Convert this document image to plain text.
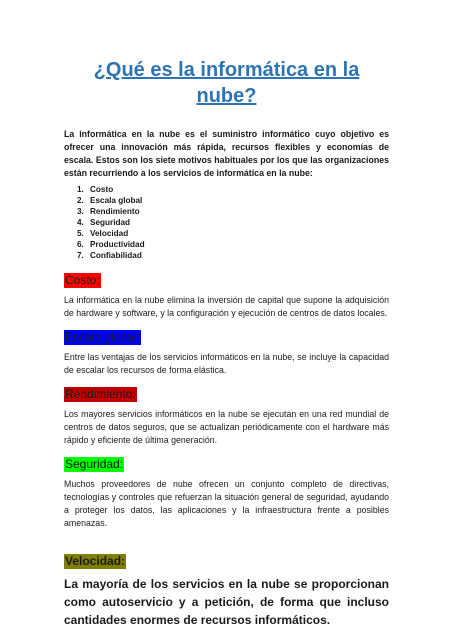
¿Qué es la informática en la nube?

La informática en la nube es el suministro informático cuyo objetivo es ofrecer una innovación más rápida, recursos flexibles y economías de escala. Estos son los siete motivos habituales por los que las organizaciones están recurriendo a los servicios de informática en la nube:

1. Costo
2. Escala global
3. Rendimiento
4. Seguridad
5. Velocidad
6. Productividad
7. Confiabilidad
Costo:

La informática en la nube elimina la inversión de capital que supone la adquisición de hardware y software, y la configuración y ejecución de centros de datos locales.

Escala global:

Entre las ventajas de los servicios informáticos en la nube, se incluye la capacidad de escalar los recursos de forma elástica.

Rendimiento:

Los mayores servicios informáticos en la nube se ejecutan en una red mundial de centros de datos seguros, que se actualizan periódicamente con el hardware más rápido y eficiente de última generación.

Seguridad:

Muchos proveedores de nube ofrecen un conjunto completo de directivas, tecnologías y controles que refuerzan la situación general de seguridad, ayudando a proteger los datos, las aplicaciones y la infraestructura frente a posibles amenazas.

Velocidad:

La mayoría de los servicios en la nube se proporcionan como autoservicio y a petición, de forma que incluso cantidades enormes de recursos informáticos.
